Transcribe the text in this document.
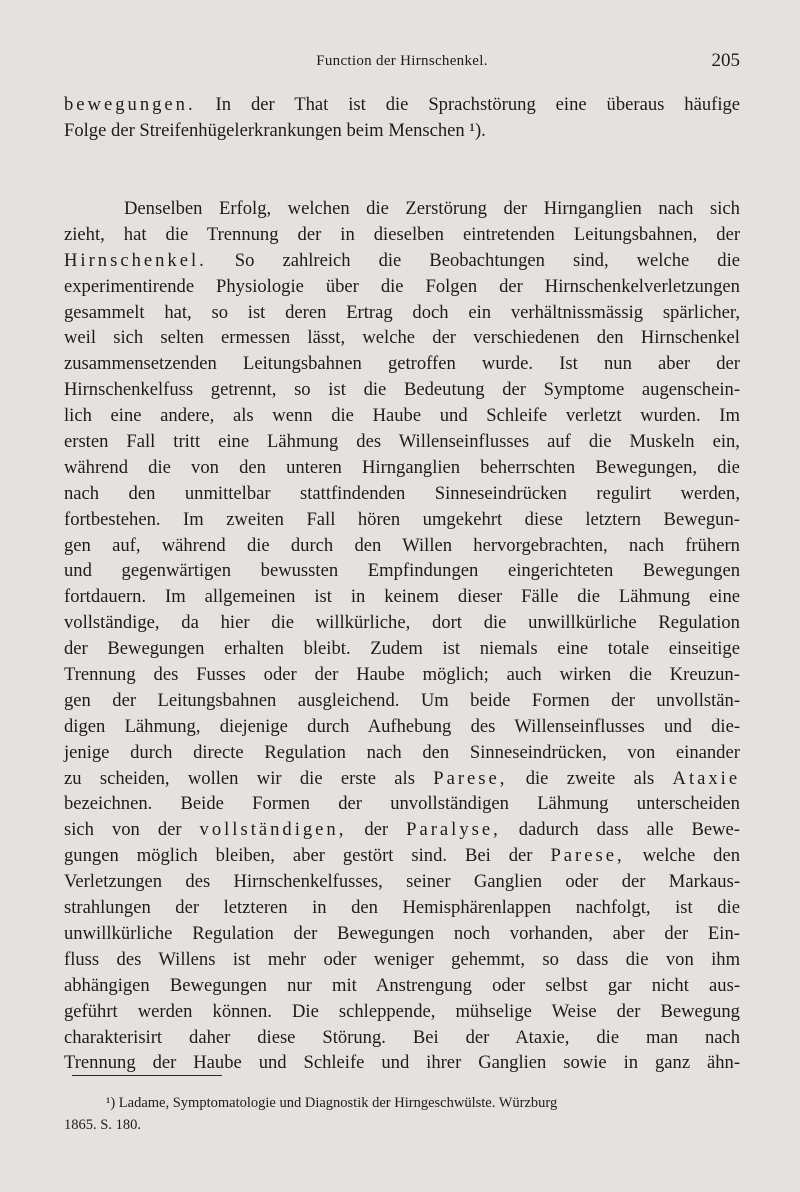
Function der Hirnschenkel.	205
bewegungen. In der That ist die Sprachstörung eine überaus häufige
Folge der Streifenhügelerkrankungen beim Menschen ¹).
Denselben Erfolg, welchen die Zerstörung der Hirnganglien nach sich
zieht, hat die Trennung der in dieselben eintretenden Leitungsbahnen, der
Hirnschenkel. So zahlreich die Beobachtungen sind, welche die
experimentirende Physiologie über die Folgen der Hirnschenkelverletzungen
gesammelt hat, so ist deren Ertrag doch ein verhältnissmässig spärlicher,
weil sich selten ermessen lässt, welche der verschiedenen den Hirnschenkel
zusammensetzenden Leitungsbahnen getroffen wurde. Ist nun aber der
Hirnschenkelfuss getrennt, so ist die Bedeutung der Symptome augenschein-
lich eine andere, als wenn die Haube und Schleife verletzt wurden. Im
ersten Fall tritt eine Lähmung des Willenseinflusses auf die Muskeln ein,
während die von den unteren Hirnganglien beherrschten Bewegungen, die
nach den unmittelbar stattfindenden Sinneseindrücken regulirt werden,
fortbestehen. Im zweiten Fall hören umgekehrt diese letztern Bewegun-
gen auf, während die durch den Willen hervorgebrachten, nach frühern
und gegenwärtigen bewussten Empfindungen eingerichteten Bewegungen
fortdauern. Im allgemeinen ist in keinem dieser Fälle die Lähmung eine
vollständige, da hier die willkürliche, dort die unwillkürliche Regulation
der Bewegungen erhalten bleibt. Zudem ist niemals eine totale einseitige
Trennung des Fusses oder der Haube möglich; auch wirken die Kreuzun-
gen der Leitungsbahnen ausgleichend. Um beide Formen der unvollstän-
digen Lähmung, diejenige durch Aufhebung des Willenseinflusses und die-
jenige durch directe Regulation nach den Sinneseindrücken, von einander
zu scheiden, wollen wir die erste als Parese, die zweite als Ataxie
bezeichnen. Beide Formen der unvollständigen Lähmung unterscheiden
sich von der vollständigen, der Paralyse, dadurch dass alle Bewe-
gungen möglich bleiben, aber gestört sind. Bei der Parese, welche den
Verletzungen des Hirnschenkelfusses, seiner Ganglien oder der Markaus-
strahlungen der letzteren in den Hemisphärenlappen nachfolgt, ist die
unwillkürliche Regulation der Bewegungen noch vorhanden, aber der Ein-
fluss des Willens ist mehr oder weniger gehemmt, so dass die von ihm
abhängigen Bewegungen nur mit Anstrengung oder selbst gar nicht aus-
geführt werden können. Die schleppende, mühselige Weise der Bewegung
charakterisirt daher diese Störung. Bei der Ataxie, die man nach
Trennung der Haube und Schleife und ihrer Ganglien sowie in ganz ähn-
¹) Ladame, Symptomatologie und Diagnostik der Hirngeschwülste. Würzburg
1865. S. 180.
